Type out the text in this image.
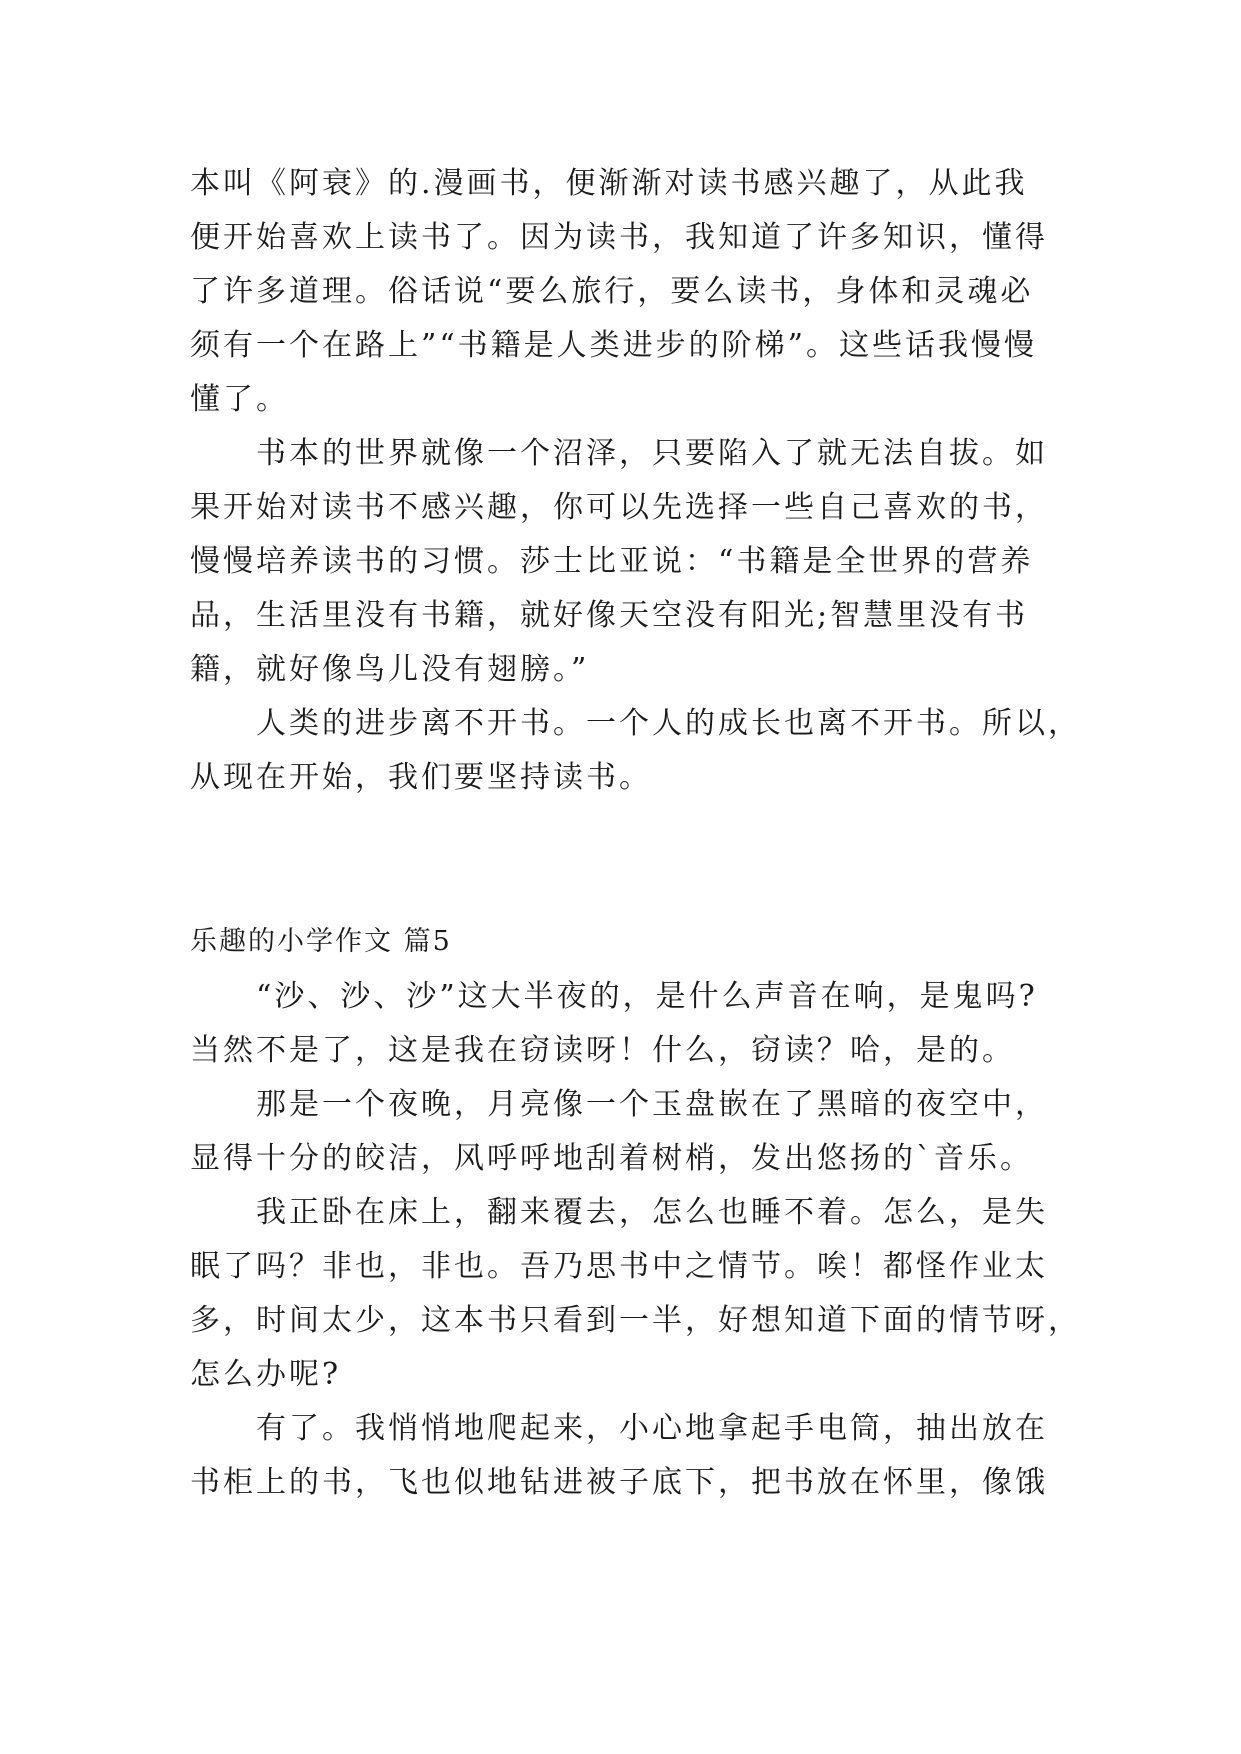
本叫《阿衰》的.漫画书，便渐渐对读书感兴趣了，从此我
便开始喜欢上读书了。因为读书，我知道了许多知识，懂得
了许多道理。俗话说“要么旅行，要么读书，身体和灵魂必
须有一个在路上”“书籍是人类进步的阶梯”。这些话我慢慢
懂了。
书本的世界就像一个沼泽，只要陷入了就无法自拔。如
果开始对读书不感兴趣，你可以先选择一些自己喜欢的书，
慢慢培养读书的习惯。莎士比亚说：“书籍是全世界的营养
品，生活里没有书籍，就好像天空没有阳光;智慧里没有书
籍，就好像鸟儿没有翅膀。”
人类的进步离不开书。一个人的成长也离不开书。所以，
从现在开始，我们要坚持读书。
乐趣的小学作文 篇5
“沙、沙、沙”这大半夜的，是什么声音在响，是鬼吗?
当然不是了，这是我在窃读呀！什么，窃读？哈，是的。
那是一个夜晚，月亮像一个玉盘嵌在了黑暗的夜空中，
显得十分的皎洁，风呼呼地刮着树梢，发出悠扬的`音乐。
我正卧在床上，翻来覆去，怎么也睡不着。怎么，是失
眠了吗？非也，非也。吾乃思书中之情节。唉！都怪作业太
多，时间太少，这本书只看到一半，好想知道下面的情节呀，
怎么办呢?
有了。我悄悄地爬起来，小心地拿起手电筒，抽出放在
书柜上的书，飞也似地钻进被子底下，把书放在怀里，像饿
